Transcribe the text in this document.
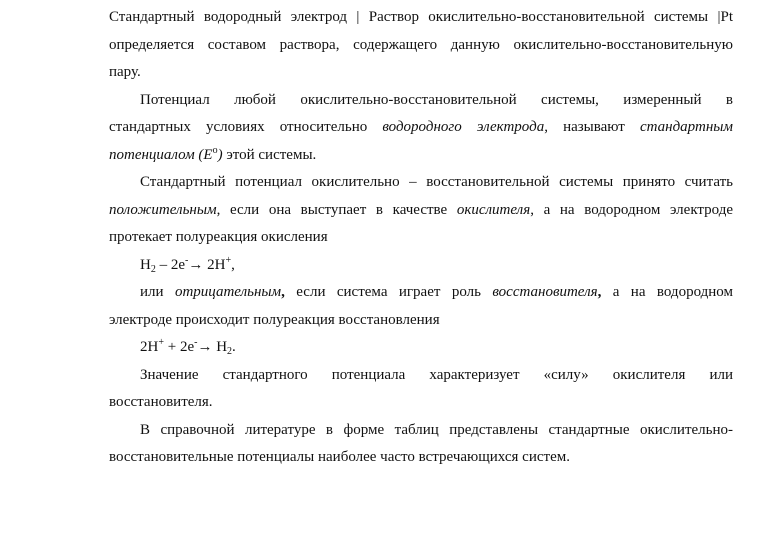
Стандартный водородный электрод | Раствор окислительно-восстановительной системы |Pt
определяется составом раствора, содержащего данную окислительно-восстановительную
пару.
Потенциал любой окислительно-восстановительной системы, измеренный в
стандартных условиях относительно водородного электрода, называют стандартным
потенциалом $(E^o)$ этой системы.
Стандартный потенциал окислительно – восстановительной системы принято считать
положительным, если она выступает в качестве окислителя, а на водородном электроде
протекает полуреакция окисления
$H_2 - 2e^-\to 2H^+$,
или отрицательным, если система играет роль восстановителя, а на водородном
электроде происходит полуреакция восстановления
$2H^+ + 2e^-\to H_2$.
Значение стандартного потенциала характеризует «силу» окислителя или
восстановителя.
В справочной литературе в форме таблиц представлены стандартные окислительно-
восстановительные потенциалы наиболее часто встречающихся систем.
